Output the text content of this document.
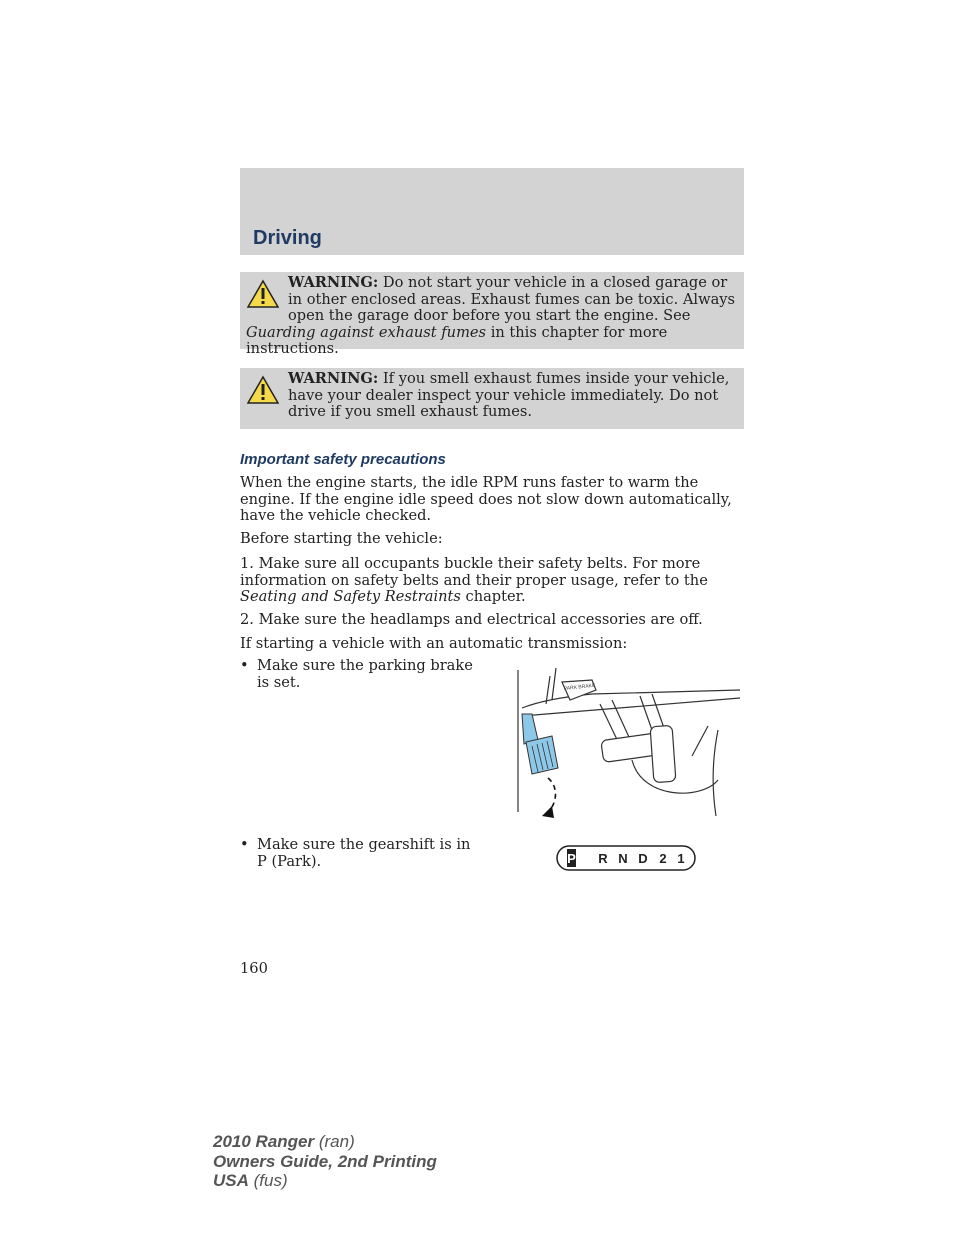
Driving
WARNING: Do not start your vehicle in a closed garage or in other enclosed areas. Exhaust fumes can be toxic. Always open the garage door before you start the engine. See Guarding against exhaust fumes in this chapter for more instructions.
WARNING: If you smell exhaust fumes inside your vehicle, have your dealer inspect your vehicle immediately. Do not drive if you smell exhaust fumes.
Important safety precautions

When the engine starts, the idle RPM runs faster to warm the engine. If the engine idle speed does not slow down automatically, have the vehicle checked.

Before starting the vehicle:

1. Make sure all occupants buckle their safety belts. For more information on safety belts and their proper usage, refer to the Seating and Safety Restraints chapter.

2. Make sure the headlamps and electrical accessories are off.

If starting a vehicle with an automatic transmission:

• Make sure the parking brake is set.
• Make sure the gearshift is in P (Park).
PARK BRAKE
P R N D 2 1

160

2010 Ranger (ran)
Owners Guide, 2nd Printing
USA (fus)
